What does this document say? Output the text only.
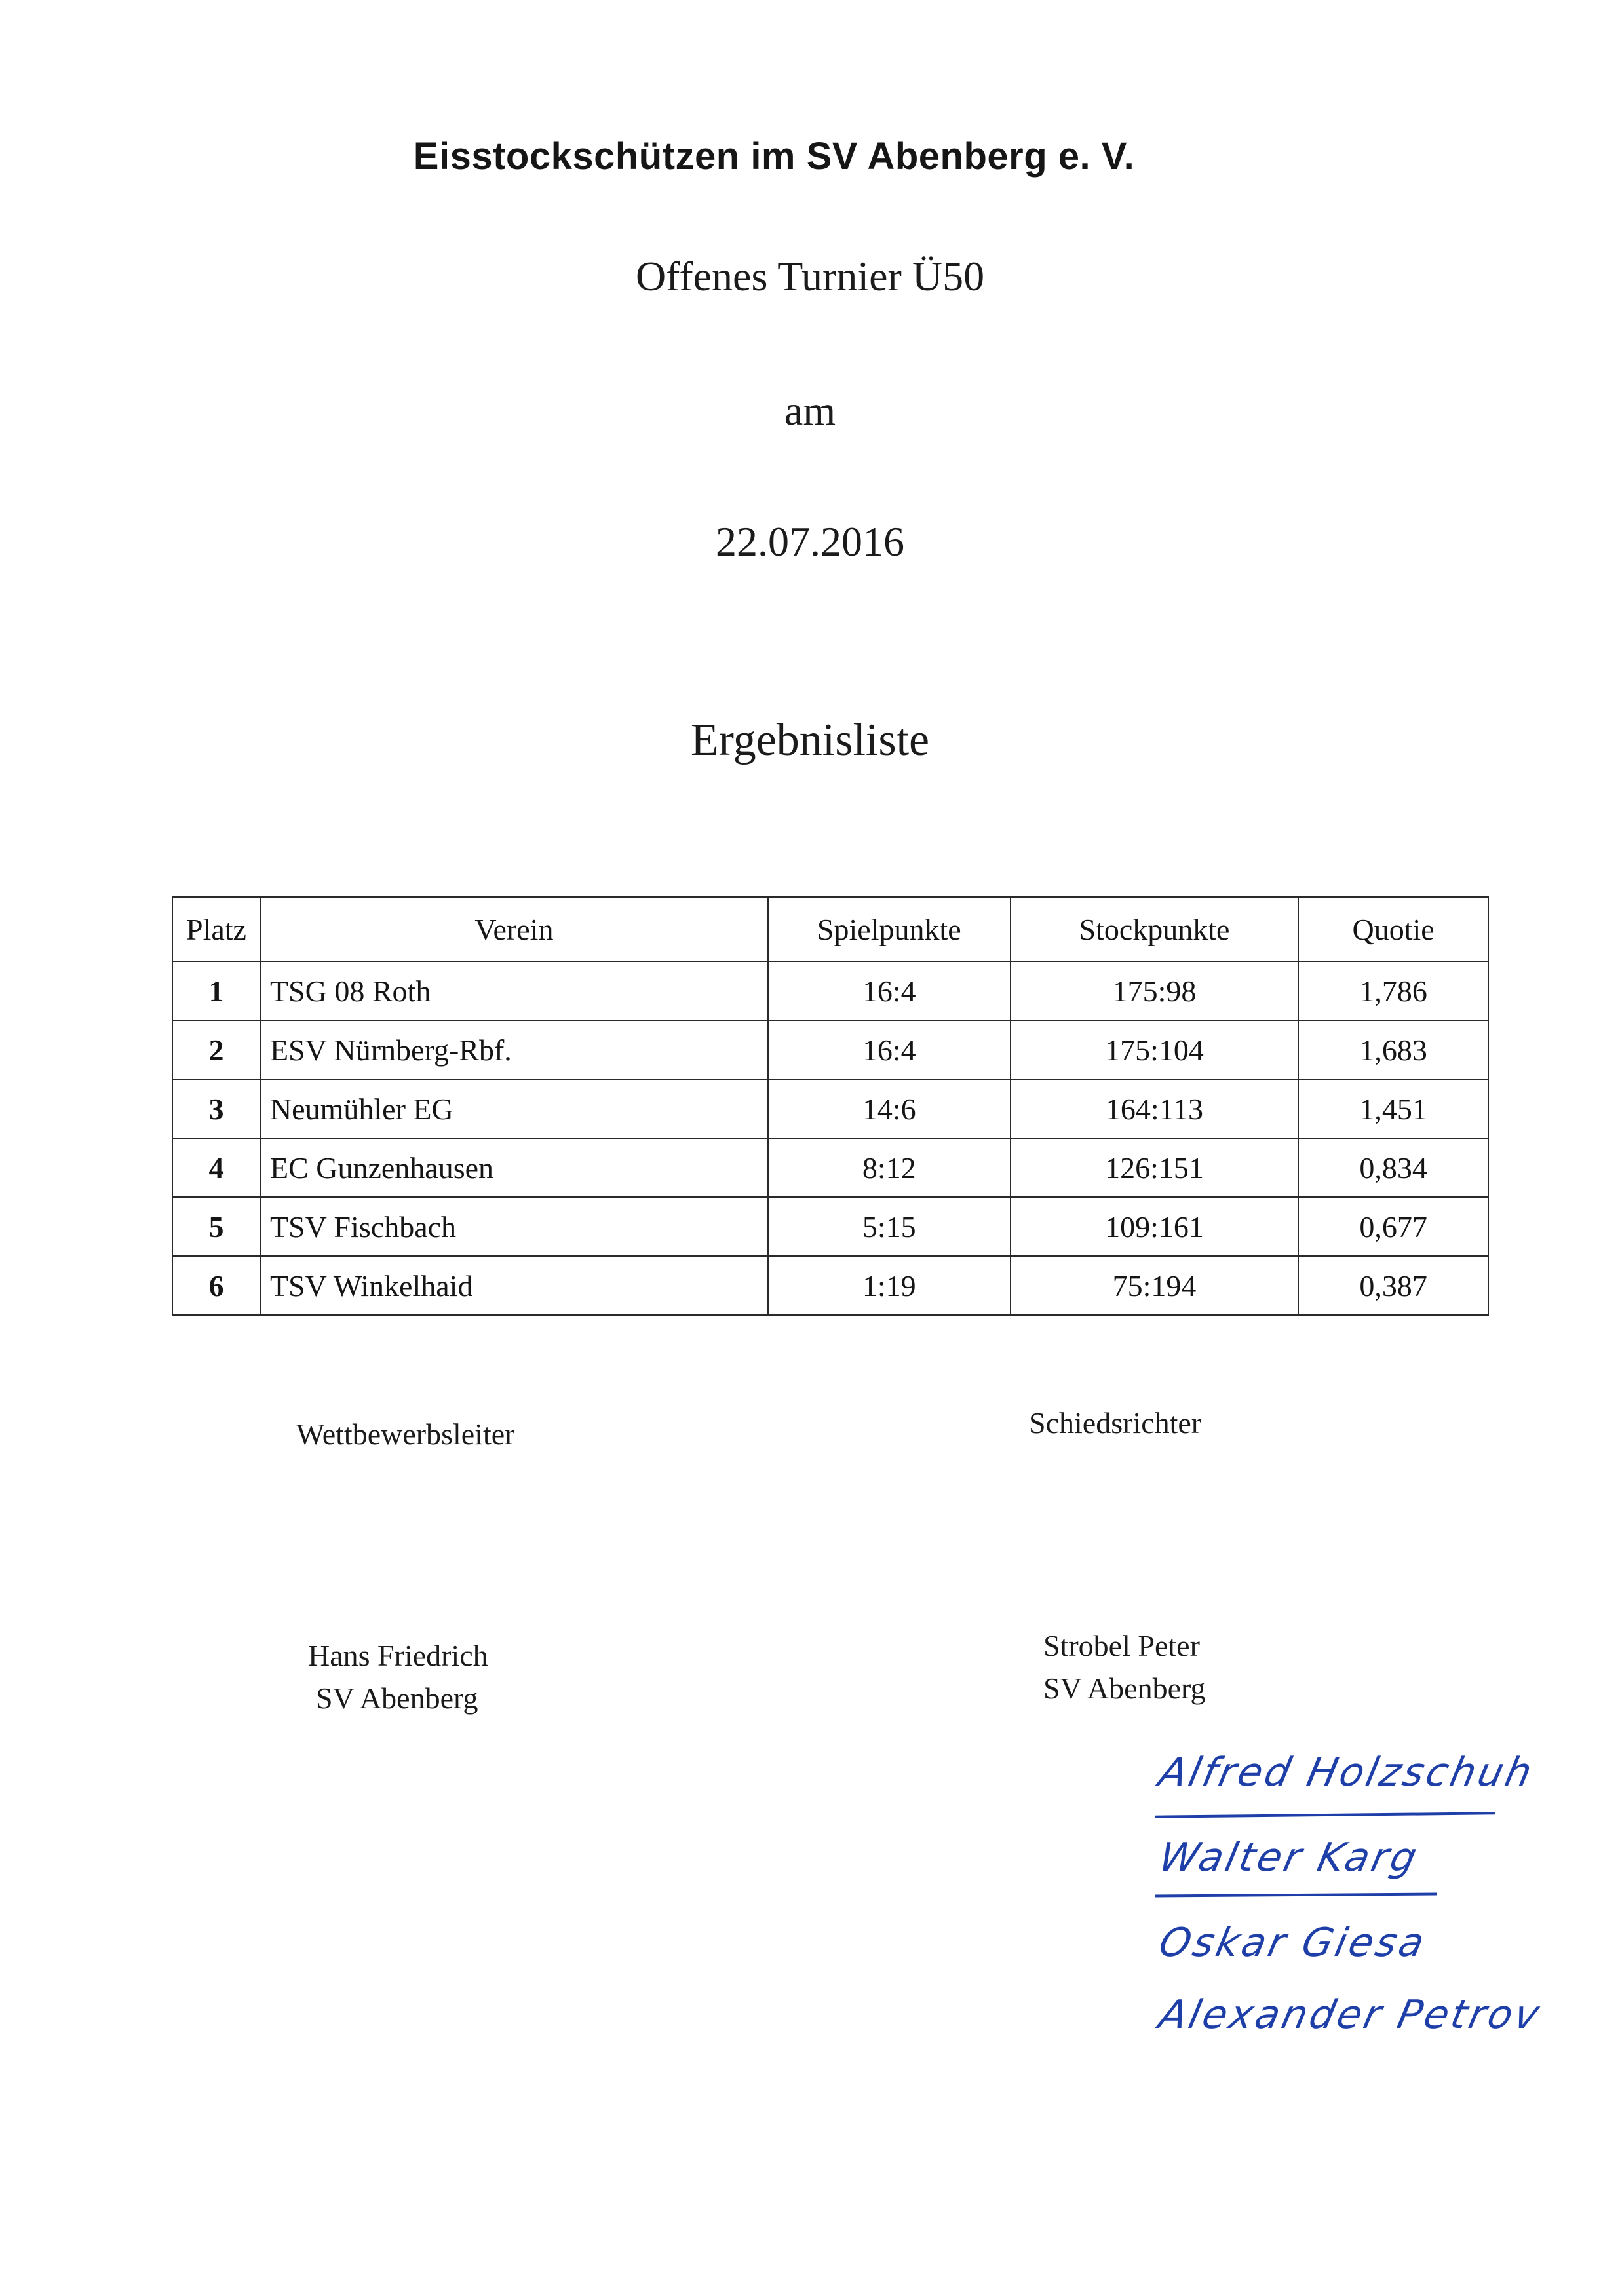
Eisstockschützen im SV Abenberg e. V.
Offenes Turnier Ü50
am
22.07.2016
Ergebnisliste
Platz	Verein	Spielpunkte	Stockpunkte	Quotie
1	TSG 08 Roth	16:4	175:98	1,786
2	ESV Nürnberg-Rbf.	16:4	175:104	1,683
3	Neumühler EG	14:6	164:113	1,451
4	EC Gunzenhausen	8:12	126:151	0,834
5	TSV Fischbach	5:15	109:161	0,677
6	TSV Winkelhaid	1:19	75:194	0,387
Wettbewerbsleiter	Schiedsrichter
Hans Friedrich
SV Abenberg
Strobel Peter
SV Abenberg
Alfred Holzschuh
Walter Karg
Oskar Giesa
Alexander Petrov
